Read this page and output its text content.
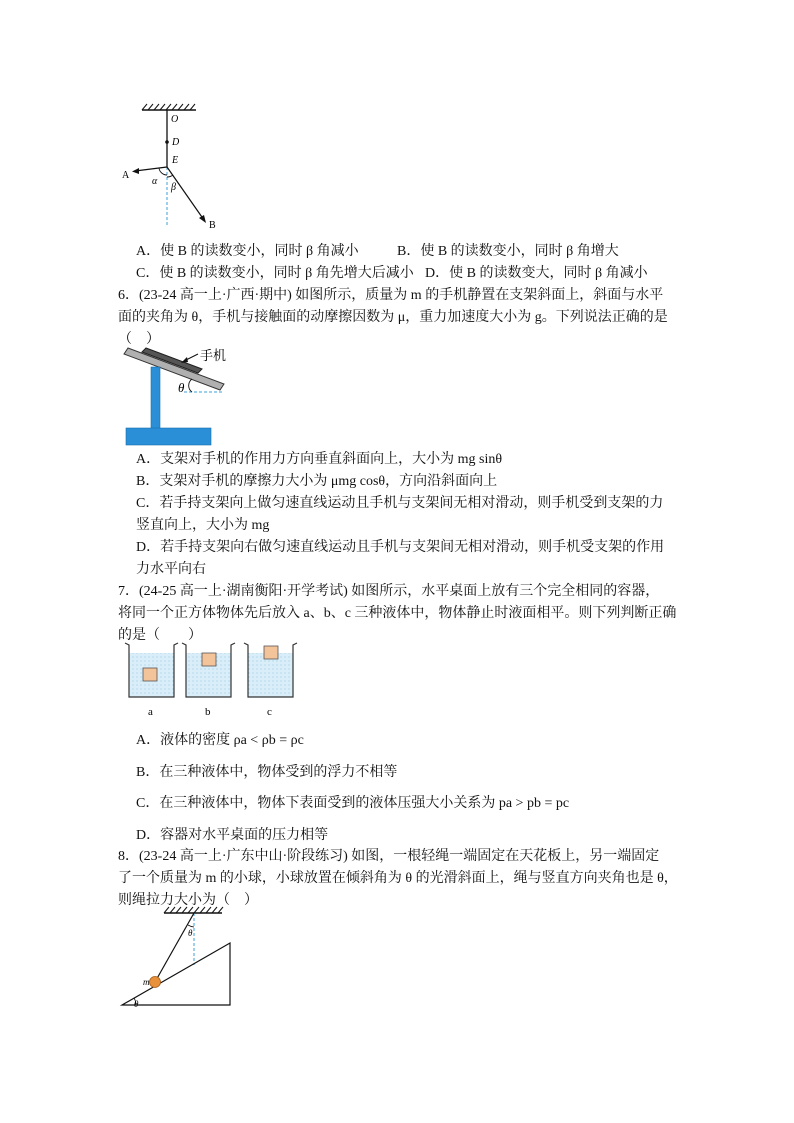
O
D
E
A
α
β
B
A．使 B 的读数变小，同时 β 角减小	B．使 B 的读数变小，同时 β 角增大
C．使 B 的读数变小，同时 β 角先增大后减小 D．使 B 的读数变大，同时 β 角减小
6．(23-24 高一上·广西·期中) 如图所示，质量为 m 的手机静置在支架斜面上，斜面与水平
面的夹角为 θ，手机与接触面的动摩擦因数为 μ，重力加速度大小为 g。下列说法正确的是
（　）
θ
手机
A．支架对手机的作用力方向垂直斜面向上，大小为 mg sinθ
B．支架对手机的摩擦力大小为 μmg cosθ，方向沿斜面向上
C．若手持支架向上做匀速直线运动且手机与支架间无相对滑动，则手机受到支架的力
竖直向上，大小为 mg
D．若手持支架向右做匀速直线运动且手机与支架间无相对滑动，则手机受支架的作用
力水平向右
7．(24-25 高一上·湖南衡阳·开学考试) 如图所示，水平桌面上放有三个完全相同的容器，
将同一个正方体物体先后放入 a、b、c 三种液体中，物体静止时液面相平。则下列判断正确
的是（　　）
a	b	c
A．液体的密度 ρa < ρb = ρc
B．在三种液体中，物体受到的浮力不相等
C．在三种液体中，物体下表面受到的液体压强大小关系为 pa > pb = pc
D．容器对水平桌面的压力相等
8．(23-24 高一上·广东中山·阶段练习) 如图，一根轻绳一端固定在天花板上，另一端固定
了一个质量为 m 的小球，小球放置在倾斜角为 θ 的光滑斜面上，绳与竖直方向夹角也是 θ，
则绳拉力大小为（　）
θ
m
θ
